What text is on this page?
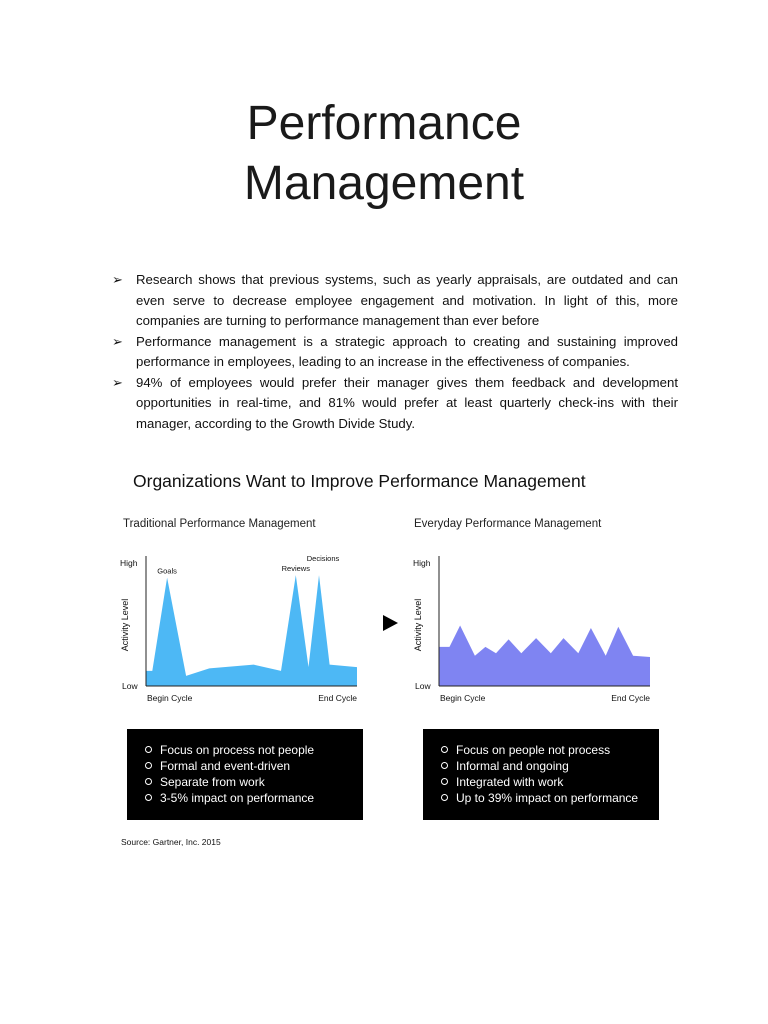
Performance
Management
➢ Research shows that previous systems, such as yearly appraisals, are outdated and can even serve to decrease employee engagement and motivation. In light of this, more companies are turning to performance management than ever before
➢ Performance management is a strategic approach to creating and sustaining improved performance in employees, leading to an increase in the effectiveness of companies.
➢ 94% of employees would prefer their manager gives them feedback and development opportunities in real-time, and 81% would prefer at least quarterly check-ins with their manager, according to the Growth Divide Study.
Organizations Want to Improve Performance Management
Traditional Performance Management	Everyday Performance Management
High
Low
Activity Level
Begin Cycle	End Cycle
Goals	Reviews
Decisions	High
Low
Activity Level
Begin Cycle	End Cycle
Focus on process not people
Formal and event-driven
Separate from work
3-5% impact on performance
Focus on people not process
Informal and ongoing
Integrated with work
Up to 39% impact on performance
Source: Gartner, Inc. 2015
